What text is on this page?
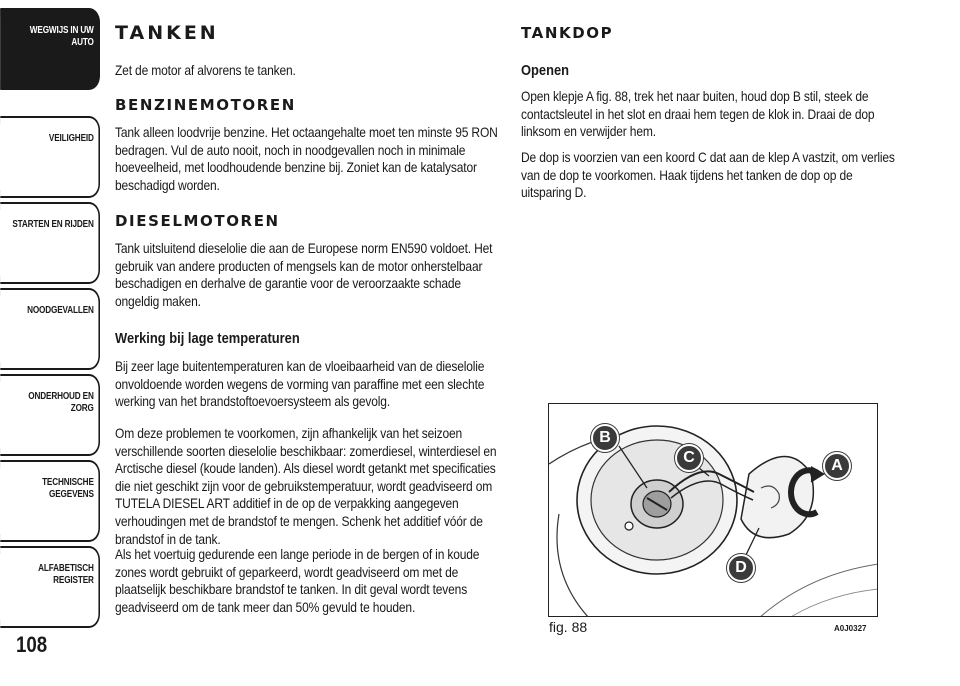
WEGWIJS IN UW
AUTO
VEILIGHEID
STARTEN EN RIJDEN
NOODGEVALLEN
ONDERHOUD EN
ZORG
TECHNISCHE
GEGEVENS
ALFABETISCH
REGISTER
108
TANKEN

Zet de motor af alvorens te tanken.

BENZINEMOTOREN

Tank alleen loodvrije benzine. Het octaangehalte moet ten minste 95 RON bedragen. Vul de auto nooit, noch in noodgevallen noch in minimale hoeveelheid, met loodhoudende benzine bij. Zoniet kan de katalysator beschadigd worden.

DIESELMOTOREN

Tank uitsluitend dieselolie die aan de Europese norm EN590 voldoet. Het gebruik van andere producten of mengsels kan de motor onherstelbaar beschadigen en derhalve de garantie voor de veroorzaakte schade ongeldig maken.

Werking bij lage temperaturen

Bij zeer lage buitentemperaturen kan de vloeibaarheid van de dieselolie onvoldoende worden wegens de vorming van paraffine met een slechte werking van het brandstoftoevoersysteem als gevolg.

Om deze problemen te voorkomen, zijn afhankelijk van het seizoen verschillende soorten dieselolie beschikbaar: zomerdiesel, winterdiesel en Arctische diesel (koude landen). Als diesel wordt getankt met specificaties die niet geschikt zijn voor de gebruikstemperatuur, wordt geadviseerd om TUTELA DIESEL ART additief in de op de verpakking aangegeven verhoudingen met de brandstof te mengen. Schenk het additief vóór de brandstof in de tank.

Als het voertuig gedurende een lange periode in de bergen of in koude zones wordt gebruikt of geparkeerd, wordt geadviseerd om met de plaatselijk beschikbare brandstof te tanken. In dit geval wordt tevens geadviseerd om de tank meer dan 50% gevuld te houden.

TANKDOP
Openen

Open klepje A fig. 88, trek het naar buiten, houd dop B stil, steek de contactsleutel in het slot en draai hem tegen de klok in. Draai de dop linksom en verwijder hem.

De dop is voorzien van een koord C dat aan de klep A vastzit, om verlies van de dop te voorkomen. Haak tijdens het tanken de dop op de uitsparing D.

B
C	A
D
fig. 88	A0J0327
